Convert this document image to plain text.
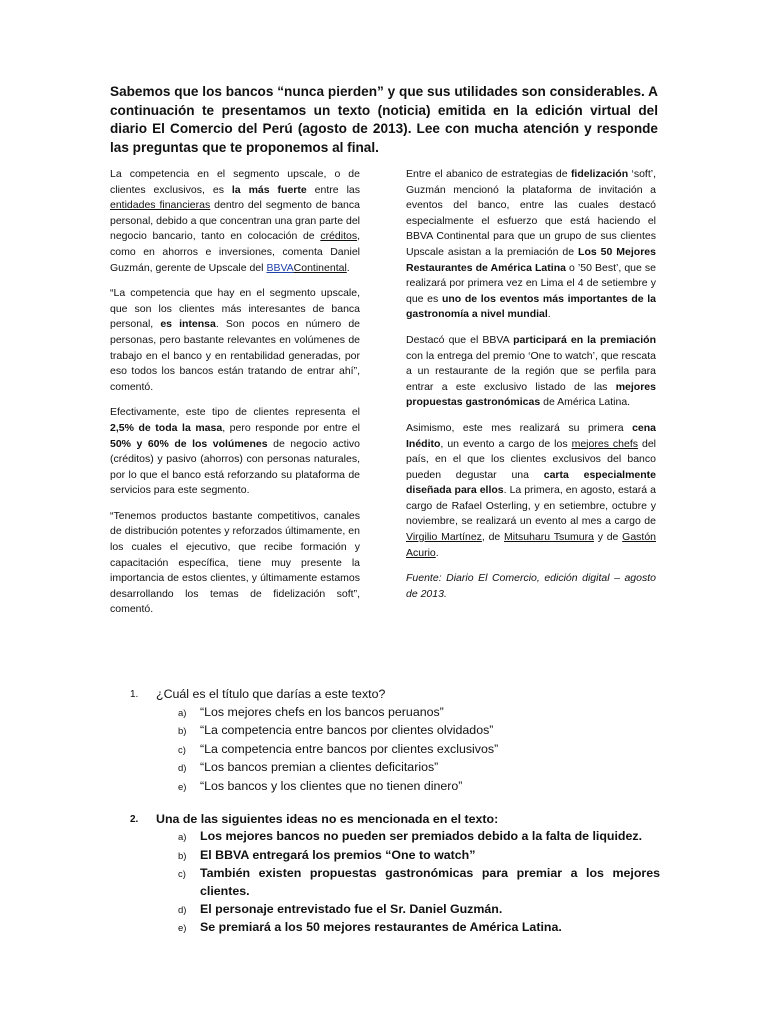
Sabemos que los bancos “nunca pierden” y que sus utilidades son considerables. A continuación te presentamos un texto (noticia) emitida en la edición virtual del diario El Comercio del Perú (agosto de 2013). Lee con mucha atención y responde las preguntas que te proponemos al final.

La competencia en el segmento upscale, o de clientes exclusivos, es la más fuerte entre las entidades financieras dentro del segmento de banca personal, debido a que concentran una gran parte del negocio bancario, tanto en colocación de créditos, como en ahorros e inversiones, comenta Daniel Guzmán, gerente de Upscale del BBVAContinental.

“La competencia que hay en el segmento upscale, que son los clientes más interesantes de banca personal, es intensa. Son pocos en número de personas, pero bastante relevantes en volúmenes de trabajo en el banco y en rentabilidad generadas, por eso todos los bancos están tratando de entrar ahí”, comentó.

Efectivamente, este tipo de clientes representa el 2,5% de toda la masa, pero responde por entre el 50% y 60% de los volúmenes de negocio activo (créditos) y pasivo (ahorros) con personas naturales, por lo que el banco está reforzando su plataforma de servicios para este segmento.

“Tenemos productos bastante competitivos, canales de distribución potentes y reforzados últimamente, en los cuales el ejecutivo, que recibe formación y capacitación específica, tiene muy presente la importancia de estos clientes, y últimamente estamos desarrollando los temas de fidelización soft”, comentó.

Entre el abanico de estrategias de fidelización ‘soft’, Guzmán mencionó la plataforma de invitación a eventos del banco, entre las cuales destacó especialmente el esfuerzo que está haciendo el BBVA Continental para que un grupo de sus clientes Upscale asistan a la premiación de Los 50 Mejores Restaurantes de América Latina o ’50 Best’, que se realizará por primera vez en Lima el 4 de setiembre y que es uno de los eventos más importantes de la gastronomía a nivel mundial.

Destacó que el BBVA participará en la premiación con la entrega del premio ‘One to watch’, que rescata a un restaurante de la región que se perfila para entrar a este exclusivo listado de las mejores propuestas gastronómicas de América Latina.

Asimismo, este mes realizará su primera cena Inédito, un evento a cargo de los mejores chefs del país, en el que los clientes exclusivos del banco pueden degustar una carta especialmente diseñada para ellos. La primera, en agosto, estará a cargo de Rafael Osterling, y en setiembre, octubre y noviembre, se realizará un evento al mes a cargo de Virgilio Martínez, de Mitsuharu Tsumura y de Gastón Acurio.

Fuente: Diario El Comercio, edición digital – agosto de 2013.

1.	¿Cuál es el título que darías a este texto?
a)	“Los mejores chefs en los bancos peruanos”
b)	“La competencia entre bancos por clientes olvidados”
c)	“La competencia entre bancos por clientes exclusivos”
d)	“Los bancos premian a clientes deficitarios”
e)	“Los bancos y los clientes que no tienen dinero”
2.	Una de las siguientes ideas no es mencionada en el texto:
a)	Los mejores bancos no pueden ser premiados debido a la falta de liquidez.
b)	El BBVA entregará los premios “One to watch”
c)	También existen propuestas gastronómicas para premiar a los mejores clientes.
d)	El personaje entrevistado fue el Sr. Daniel Guzmán.
e)	Se premiará a los 50 mejores restaurantes de América Latina.
